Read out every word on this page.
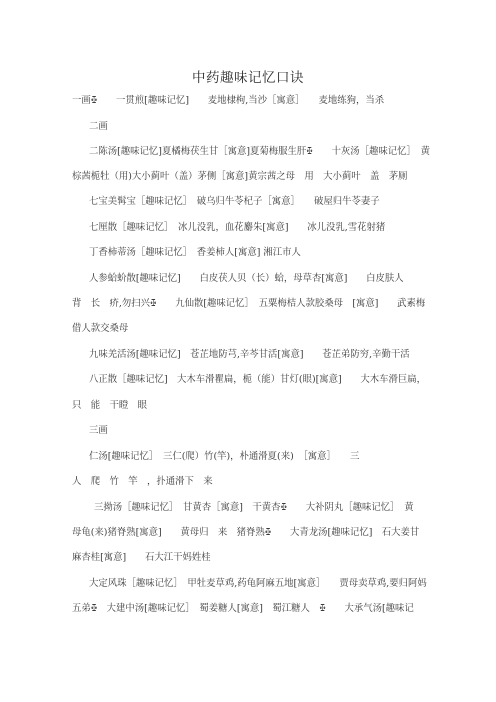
中药趣味记忆口诀
一画ꔀ　　一贯煎[趣味记忆]　　麦地棣枸,当沙［寓意］　　麦地练狗，当杀
二画
二陈汤[趣味记忆]夏橘梅茯生甘［寓意]夏菊梅服生肝ꔀ　　十灰汤［趣味记忆］　黄
棕茜栀牡（用)大小蓟叶（盖）茅侧［寓意]黄宗茜之母　用　大小蓟叶　盖　茅厕
七宝美髯宝［趣味记忆］　破乌归牛苓杞子［寓意］　　破屋归牛苓妻子
七厘散［趣味记忆］　冰儿没乳，血花麝朱[寓意]　　冰儿没乳,雪花射猪
丁香柿蒂汤［趣味记忆］　香姜柿人[寓意] 湘江市人
人参蛤蚧散[趣味记忆]　　白皮茯人贝（长）蛤，母草杏[寓意]　　白皮肤人
背　长　疥,勿扫兴ꔀ　　九仙散[趣味记忆］　五粟梅桔人款胶桑母　[寓意]　　武素梅
借人款交桑母
九味羌活汤[趣味记忆]　苍芷地防芎,辛芩甘活[寓意]　　苍芷弟防穷,辛勤干活
八正散［趣味记忆]　大木车滑瞿扁，栀（能）甘灯(眼)[寓意]　　大木车滑巨扁，
只　能　干瞪　眼
三画
仁汤[趣味记忆］　三仁(爬）竹(竿)，朴通滑夏(来)　［寓意］　　三
人　爬　竹　竿　，扑通滑下　来
三拗汤［趣味记忆］　甘黄杏［寓意]　干黄杏ꔀ　　大补阴丸［趣味记忆］　黄
母龟(来)猪脊熟[寓意]　　黄母归　来　猪脊熟ꔀ　　大青龙汤[趣味记忆]　石大姜甘
麻杏桂[寓意]　　石大江干妈姓桂
大定风珠［趣味记忆］　甲牡麦草鸡,药龟阿麻五地[寓意］　　贾母卖草鸡,要归阿妈
五弟ꔀ　大建中汤[趣味记忆］　蜀姜糖人[寓意]　蜀江糖人　ꔀ　　大承气汤[趣味记
